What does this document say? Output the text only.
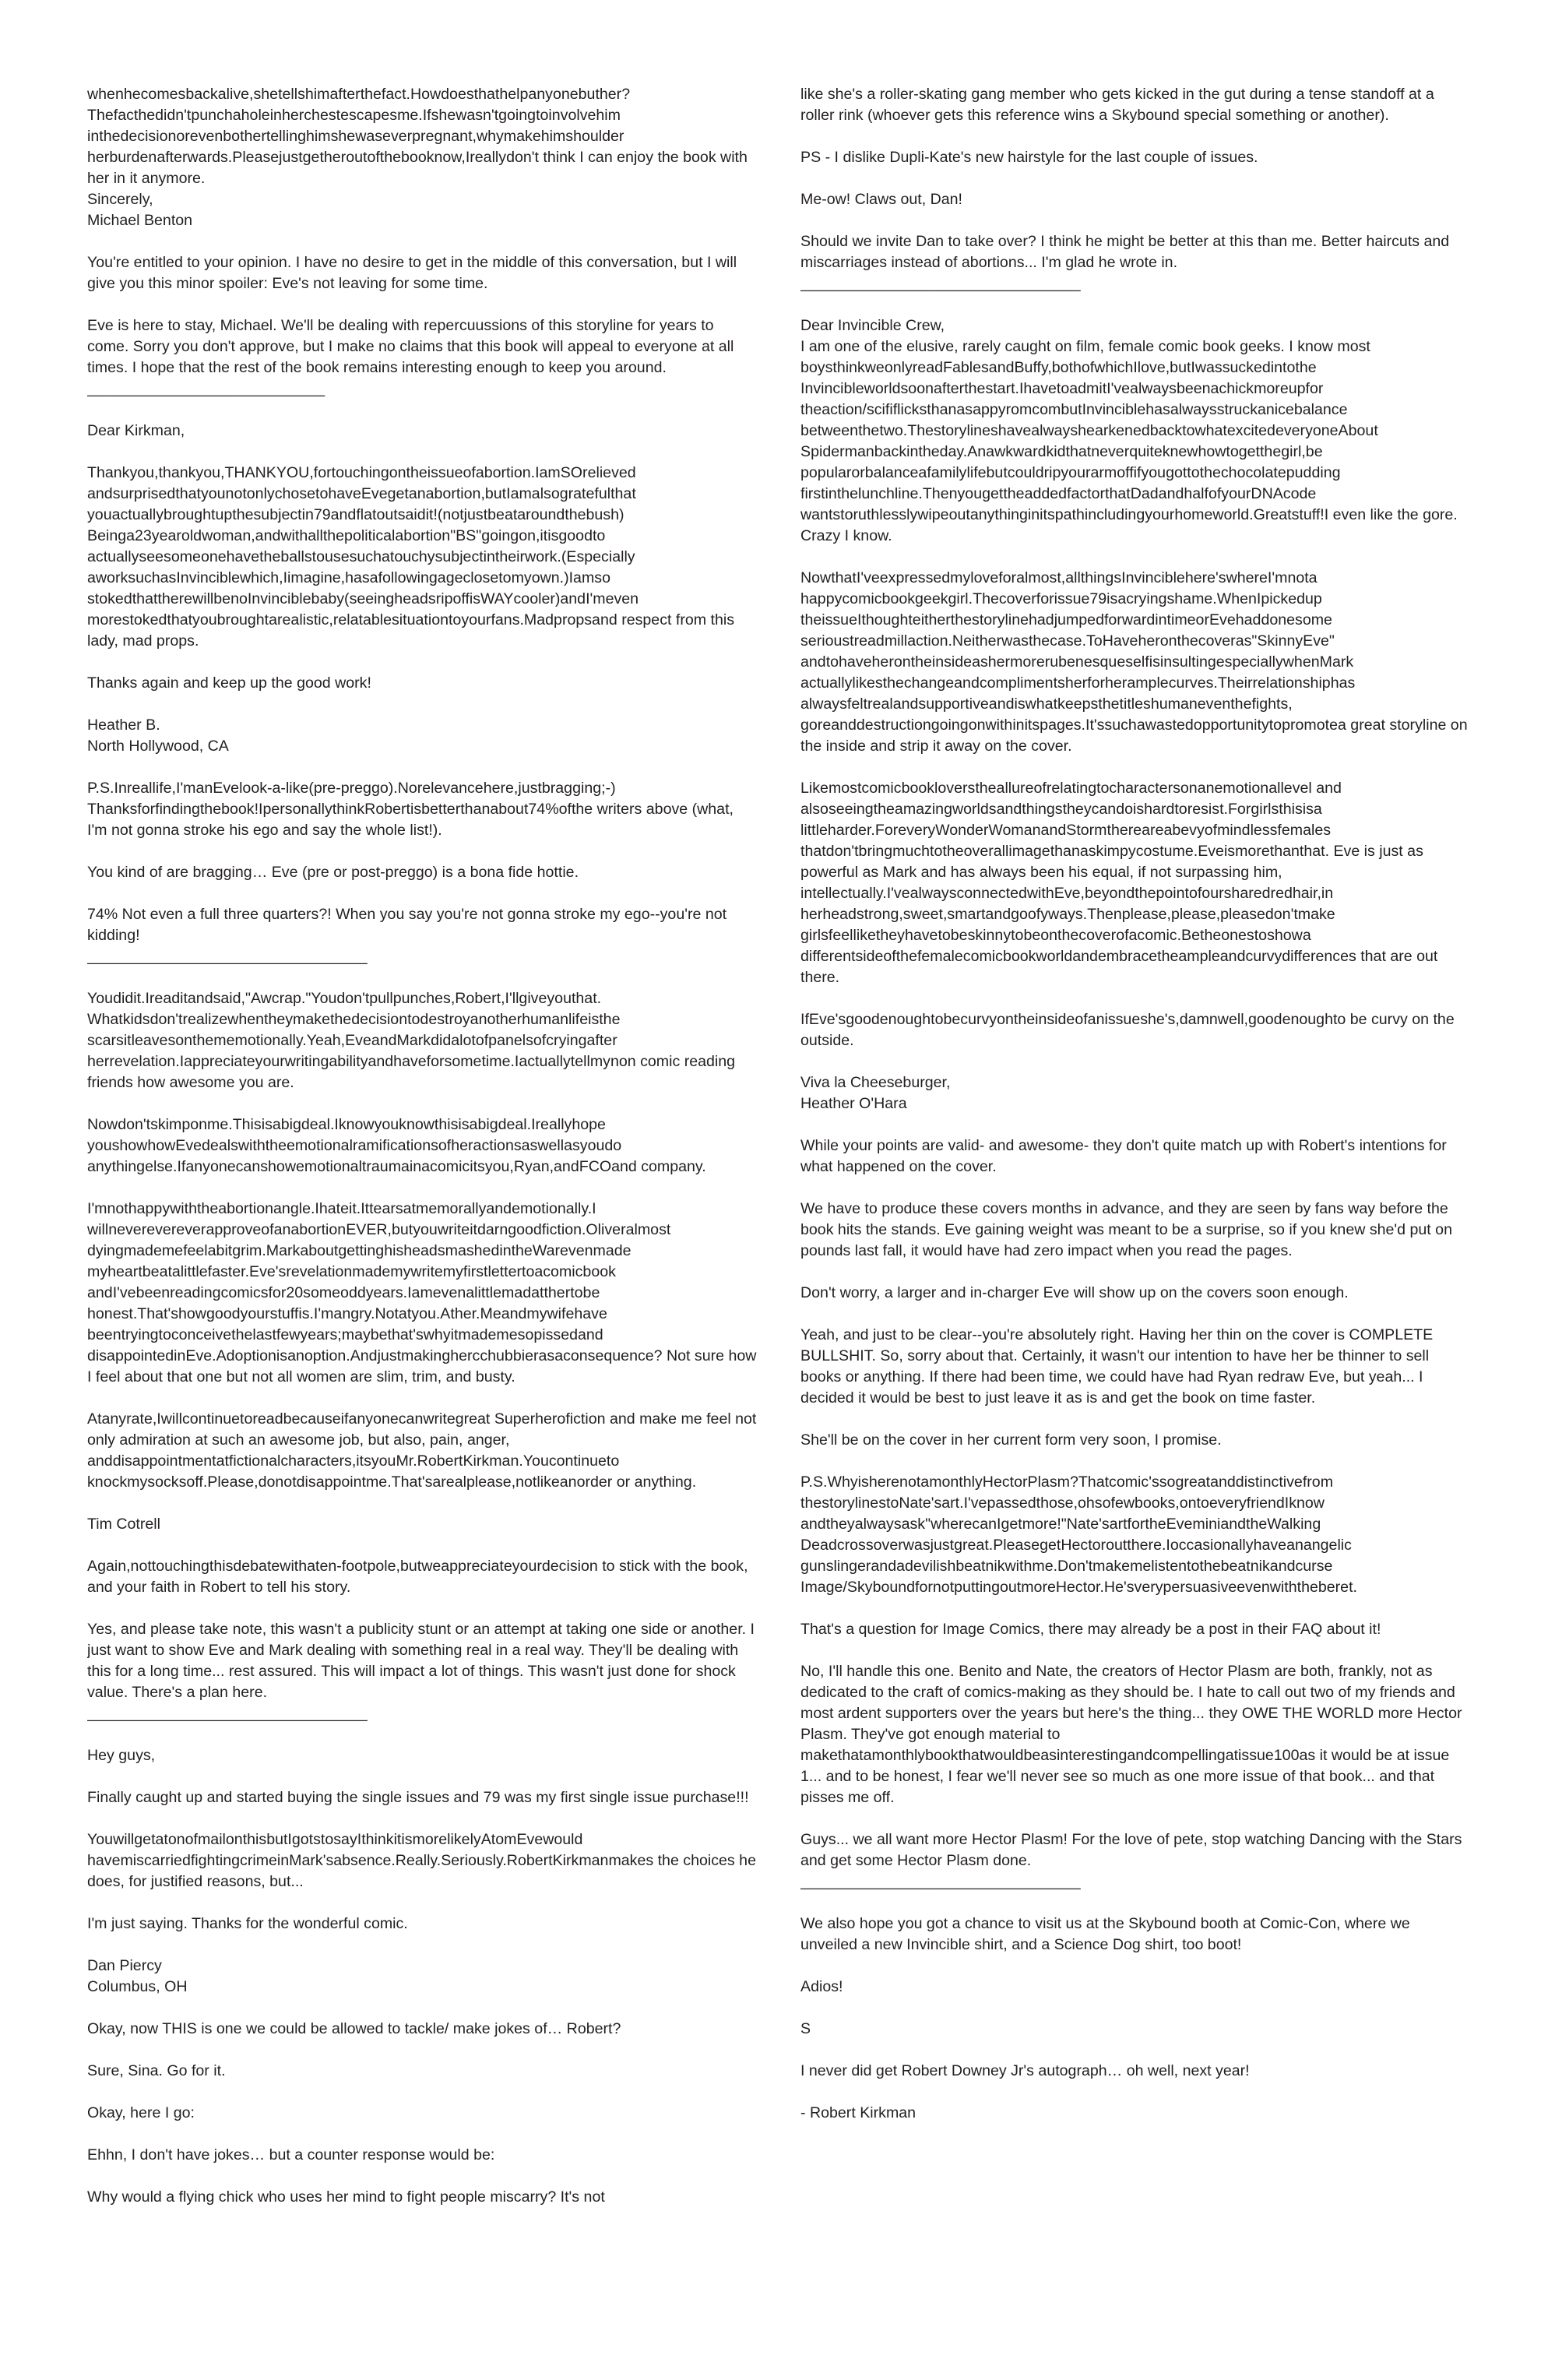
whenhecomesbackalive,shetellshimafterthefact.Howdoesthathelpanyonebuther? Thefacthedidn'tpunchaholeinherchestescapesme.Ifshewasn'tgoingtoinvolvehim inthedecisionorevenbothertellinghimshewaseverpregnant,whymakehimshoulder herburdenafterwards.Pleasejustgetheroutofthebooknow,Ireallydon't think I can enjoy the book with her in it anymore.
Sincerely,
Michael Benton

You're entitled to your opinion. I have no desire to get in the middle of this conversation, but I will give you this minor spoiler: Eve's not leaving for some time.

Eve is here to stay, Michael. We'll be dealing with repercuussions of this storyline for years to come. Sorry you don't approve, but I make no claims that this book will appeal to everyone at all times. I hope that the rest of the book remains interesting enough to keep you around.
____________________________

Dear Kirkman,

Thankyou,thankyou,THANKYOU,fortouchingontheissueofabortion.IamSOrelieved andsurprisedthatyounotonlychosetohaveEvegetanabortion,butIamalsogratefulthat youactuallybroughtupthesubjectin79andflatoutsaidit!(notjustbeataroundthebush) Beinga23yearoldwoman,andwithallthepoliticalabortion"BS"goingon,itisgoodto actuallyseesomeonehavetheballstousesuchatouchysubjectintheirwork.(Especially aworksuchasInvinciblewhich,Iimagine,hasafollowingageclosetomyown.)Iamso stokedthattherewillbenoInvinciblebaby(seeingheadsripoffisWAYcooler)andI'meven morestokedthatyoubroughtarealistic,relatablesituationtoyourfans.Madpropsand respect from this lady, mad props.

Thanks again and keep up the good work!

Heather B.
North Hollywood, CA

P.S.Inreallife,I'manEvelook-a-like(pre-preggo).Norelevancehere,justbragging;-) Thanksforfindingthebook!IpersonallythinkRobertisbetterthanabout74%ofthe writers above (what, I'm not gonna stroke his ego and say the whole list!).

You kind of are bragging… Eve (pre or post-preggo) is a bona fide hottie.

74% Not even a full three quarters?! When you say you're not gonna stroke my ego--you're not kidding!
_________________________________

Youdidit.Ireaditandsaid,"Awcrap."Youdon'tpullpunches,Robert,I'llgiveyouthat. Whatkidsdon'trealizewhentheymakethedecisiontodestroyanotherhumanlifeisthe scarsitleavesonthememotionally.Yeah,EveandMarkdidalotofpanelsofcryingafter herrevelation.Iappreciateyourwritingabilityandhaveforsometime.Iactuallytellmynon comic reading friends how awesome you are.

Nowdon'tskimponme.Thisisabigdeal.Iknowyouknowthisisabigdeal.Ireallyhope youshowhowEvedealswiththeemotionalramificationsofheractionsaswellasyoudo anythingelse.Ifanyonecanshowemotionaltraumainacomicitsyou,Ryan,andFCOand company.

I'mnothappywiththeabortionangle.Ihateit.Ittearsatmemorallyandemotionally.I willneverevereverapproveofanabortionEVER,butyouwriteitdarngoodfiction.Oliveralmost dyingmademefeelabitgrim.MarkaboutgettinghisheadsmashedintheWarevenmade myheartbeatalittlefaster.Eve'srevelationmademywritemyfirstlettertoacomicbook andI'vebeenreadingcomicsfor20someoddyears.Iamevenalittlemadatthertobe honest.That'showgoodyourstuffis.I'mangry.Notatyou.Ather.Meandmywifehave beentryingtoconceivethelastfewyears;maybethat'swhyitmademesopissedand disappointedinEve.Adoptionisanoption.Andjustmakinghercchubbierasaconsequence? Not sure how I feel about that one but not all women are slim, trim, and busty.

Atanyrate,Iwillcontinuetoreadbecauseifanyonecanwritegreat Superherofiction and make me feel not only admiration at such an awesome job, but also, pain, anger, anddisappointmentatfictionalcharacters,itsyouMr.RobertKirkman.Youcontinueto knockmysocksoff.Please,donotdisappointme.That'sarealplease,notlikeanorder or anything.

Tim Cotrell

Again,nottouchingthisdebatewithaten-footpole,butweappreciateyourdecision to stick with the book, and your faith in Robert to tell his story.

Yes, and please take note, this wasn't a publicity stunt or an attempt at taking one side or another. I just want to show Eve and Mark dealing with something real in a real way. They'll be dealing with this for a long time... rest assured. This will impact a lot of things. This wasn't just done for shock value. There's a plan here.
_________________________________

Hey guys,

Finally caught up and started buying the single issues and 79 was my first single issue purchase!!!

YouwillgetatonofmailonthisbutIgotstosayIthinkitismorelikelyAtomEvewould havemiscarriedfightingcrimeinMark'sabsence.Really.Seriously.RobertKirkmanmakes the choices he does, for justified reasons, but...

I'm just saying. Thanks for the wonderful comic.

Dan Piercy
Columbus, OH

Okay, now THIS is one we could be allowed to tackle/ make jokes of… Robert?

Sure, Sina. Go for it.

Okay, here I go:

Ehhn, I don't have jokes… but a counter response would be:

Why would a flying chick who uses her mind to fight people miscarry? It's not

like she's a roller-skating gang member who gets kicked in the gut during a tense standoff at a roller rink (whoever gets this reference wins a Skybound special something or another).

PS - I dislike Dupli-Kate's new hairstyle for the last couple of issues.

Me-ow! Claws out, Dan!

Should we invite Dan to take over? I think he might be better at this than me. Better haircuts and miscarriages instead of abortions... I'm glad he wrote in.
_________________________________

Dear Invincible Crew,
I am one of the elusive, rarely caught on film, female comic book geeks. I know most boysthinkweonlyreadFablesandBuffy,bothofwhichIlove,butIwassuckedintothe Invincibleworldsoonafterthestart.IhavetoadmitI'vealwaysbeenachickmoreupfor theaction/scififlicksthanasappyromcombutInvinciblehasalwaysstruckanicebalance betweenthetwo.ThestorylineshavealwayshearkenedbacktowhatexcitedeveryoneAbout Spidermanbackintheday.Anawkwardkidthatneverquiteknewhowtogetthegirl,be popularorbalanceafamilylifebutcouldripyourarmoffifyougottothechocolatepudding firstinthelunchline.ThenyougettheaddedfactorthatDadandhalfofyourDNAcode wantstoruthlesslywipeoutanythinginitspathincludingyourhomeworld.Greatstuff!I even like the gore. Crazy I know.

NowthatI'veexpressedmyloveforalmost,allthingsInvinciblehere'swhereI'mnota happycomicbookgeekgirl.Thecoverforissue79isacryingshame.WhenIpickedup theissueIthoughteitherthestorylinehadjumpedforwardintimeorEvehaddonesome serioustreadmillaction.Neitherwasthecase.ToHaveheronthecoveras"SkinnyEve" andtohaveherontheinsideashermorerubenesqueselfisinsultingespeciallywhenMark actuallylikesthechangeandcomplimentsherforheramplecurves.Theirrelationshiphas alwaysfeltrealandsupportiveandiswhatkeepsthetitleshumaneventhefights, goreanddestructiongoingonwithinitspages.It'ssuchawastedopportunitytopromotea great storyline on the inside and strip it away on the cover.

Likemostcomicbookloverstheallureofrelatingtocharactersonanemotionallevel and alsoseeingtheamazingworldsandthingstheycandoishardtoresist.Forgirlsthisisa littleharder.ForeveryWonderWomanandStormthereareabevyofmindlessfemales thatdon'tbringmuchtotheoverallimagethanaskimpycostume.Eveismorethanthat. Eve is just as powerful as Mark and has always been his equal, if not surpassing him, intellectually.I'vealwaysconnectedwithEve,beyondthepointofoursharedredhair,in herheadstrong,sweet,smartandgoofyways.Thenplease,please,pleasedon'tmake girlsfeelliketheyhavetobeskinnytobeonthecoverofacomic.Betheonestoshowa differentsideofthefemalecomicbookworldandembracetheampleandcurvydifferences that are out there.

IfEve'sgoodenoughtobecurvyontheinsideofanissueshe's,damnwell,goodenoughto be curvy on the outside.

Viva la Cheeseburger,
Heather O'Hara

While your points are valid- and awesome- they don't quite match up with Robert's intentions for what happened on the cover.

We have to produce these covers months in advance, and they are seen by fans way before the book hits the stands. Eve gaining weight was meant to be a surprise, so if you knew she'd put on pounds last fall, it would have had zero impact when you read the pages.

Don't worry, a larger and in-charger Eve will show up on the covers soon enough.

Yeah, and just to be clear--you're absolutely right. Having her thin on the cover is COMPLETE BULLSHIT. So, sorry about that. Certainly, it wasn't our intention to have her be thinner to sell books or anything. If there had been time, we could have had Ryan redraw Eve, but yeah... I decided it would be best to just leave it as is and get the book on time faster.

She'll be on the cover in her current form very soon, I promise.

P.S.WhyisherenotamonthlyHectorPlasm?Thatcomic'ssogreatanddistinctivefrom thestorylinestoNate'sart.I'vepassedthose,ohsofewbooks,ontoeveryfriendIknow andtheyalwaysask"wherecanIgetmore!"Nate'sartfortheEveminiandtheWalking Deadcrossoverwasjustgreat.PleasegetHectoroutthere.Ioccasionallyhaveanangelic gunslingerandadevilishbeatnikwithme.Don'tmakemelistentothebeatnikandcurse Image/SkyboundfornotputtingoutmoreHector.He'sverypersuasiveevenwiththeberet.

That's a question for Image Comics, there may already be a post in their FAQ about it!

No, I'll handle this one. Benito and Nate, the creators of Hector Plasm are both, frankly, not as dedicated to the craft of comics-making as they should be. I hate to call out two of my friends and most ardent supporters over the years but here's the thing... they OWE THE WORLD more Hector Plasm. They've got enough material to makethatamonthlybookthatwouldbeasinterestingandcompellingatissue100as it would be at issue 1... and to be honest, I fear we'll never see so much as one more issue of that book... and that pisses me off.

Guys... we all want more Hector Plasm! For the love of pete, stop watching Dancing with the Stars and get some Hector Plasm done.
_________________________________

We also hope you got a chance to visit us at the Skybound booth at Comic-Con, where we unveiled a new Invincible shirt, and a Science Dog shirt, too boot!

Adios!

S

I never did get Robert Downey Jr's autograph… oh well, next year!

- Robert Kirkman
